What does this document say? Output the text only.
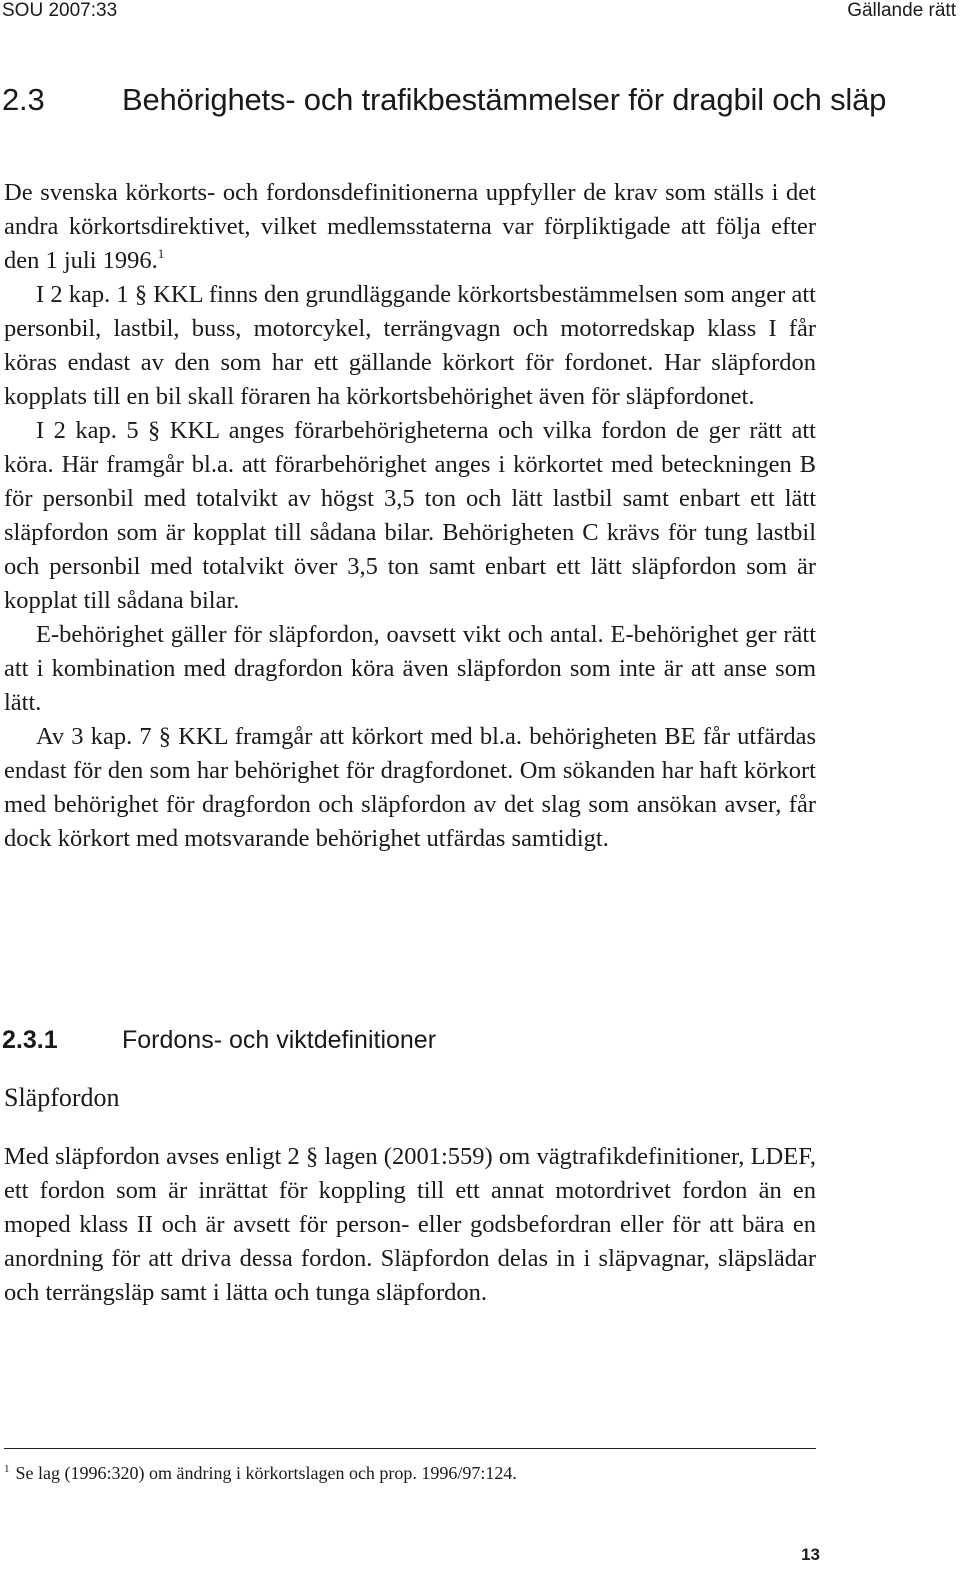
SOU 2007:33	Gällande rätt
2.3	Behörighets- och trafikbestämmelser för dragbil och släp

De svenska körkorts- och fordonsdefinitionerna uppfyller de krav som ställs i det andra körkortsdirektivet, vilket medlemsstaterna var förpliktigade att följa efter den 1 juli 1996.$^1$

I 2 kap. 1 § KKL finns den grundläggande körkortsbestämmelsen som anger att personbil, lastbil, buss, motorcykel, terrängvagn och motorredskap klass I får köras endast av den som har ett gällande körkort för fordonet. Har släpfordon kopplats till en bil skall föraren ha körkortsbehörighet även för släpfordonet.

I 2 kap. 5 § KKL anges förarbehörigheterna och vilka fordon de ger rätt att köra. Här framgår bl.a. att förarbehörighet anges i körkortet med beteckningen B för personbil med totalvikt av högst 3,5 ton och lätt lastbil samt enbart ett lätt släpfordon som är kopplat till sådana bilar. Behörigheten C krävs för tung lastbil och personbil med totalvikt över 3,5 ton samt enbart ett lätt släpfordon som är kopplat till sådana bilar.

E-behörighet gäller för släpfordon, oavsett vikt och antal. E-behörighet ger rätt att i kombination med dragfordon köra även släpfordon som inte är att anse som lätt.

Av 3 kap. 7 § KKL framgår att körkort med bl.a. behörigheten BE får utfärdas endast för den som har behörighet för dragfordonet. Om sökanden har haft körkort med behörighet för dragfordon och släpfordon av det slag som ansökan avser, får dock körkort med motsvarande behörighet utfärdas samtidigt.

2.3.1	Fordons- och viktdefinitioner
Släpfordon

Med släpfordon avses enligt 2 § lagen (2001:559) om vägtrafikdefinitioner, LDEF, ett fordon som är inrättat för koppling till ett annat motordrivet fordon än en moped klass II och är avsett för person- eller godsbefordran eller för att bära en anordning för att driva dessa fordon. Släpfordon delas in i släpvagnar, släpslädar och terrängsläp samt i lätta och tunga släpfordon.

$^1$ Se lag (1996:320) om ändring i körkortslagen och prop. 1996/97:124.
13
